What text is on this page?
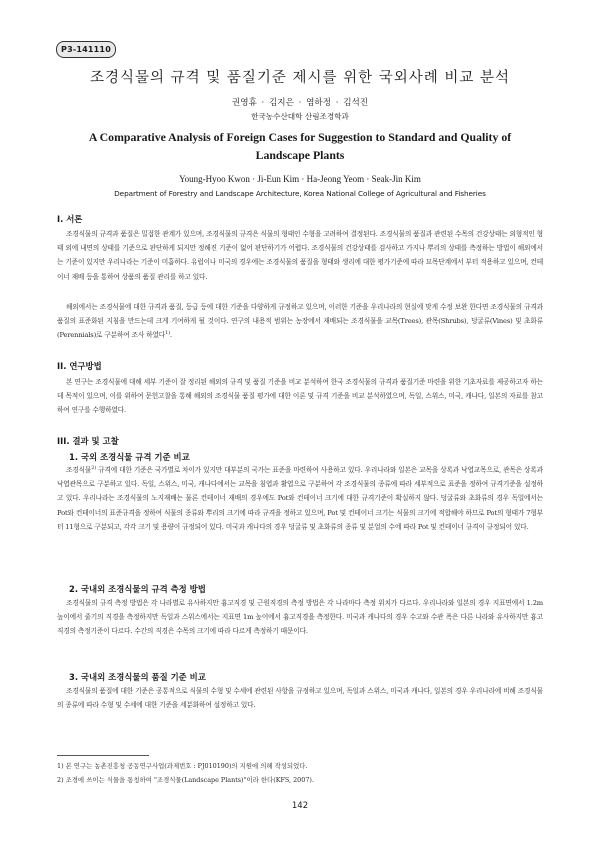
P3-141110
조경식물의 규격 및 품질기준 제시를 위한 국외사례 비교 분석
권영휴 · 김지은 · 염하정 · 김석진
한국농수산대학 산림조경학과
A Comparative Analysis of Foreign Cases for Suggestion to Standard and Quality of Landscape Plants
Young-Hyoo Kwon · Ji-Eun Kim · Ha-Jeong Yeom · Seak-Jin Kim
Department of Forestry and Landscape Architecture, Korea National College of Agricultural and Fisheries
I. 서론

조경식물의 규격과 품질은 밀접한 관계가 있으며, 조경식물의 규격은 식물의 형태인 수형을 고려하여 결정된다. 조경식물의 품질과 관련된 수목의 건강상태는 외형적인 형태 외에 내면의 상태를 기준으로 판단하게 되지만 정해진 기준이 없어 판단하기가 어렵다. 조경식물의 건강상태를 검사하고 가지나 뿌리의 상태를 측정하는 방법이 해외에서는 기준이 있지만 우리나라는 기준이 미흡하다. 유럽이나 미국의 경우에는 조경식물의 품질을 형태와 생리에 대한 평가기준에 따라 묘목단계에서 부터 적용하고 있으며, 컨테이너 재배 등을 통하여 상품의 품질 관리를 하고 있다.

해외에서는 조경식물에 대한 규격과 품질, 등급 등에 대한 기준을 다양하게 규정하고 있으며, 이러한 기준을 우리나라의 현실에 맞게 수정 보완 한다면 조경식물의 규격과 품질의 표준화된 지침을 만드는데 크게 기여하게 될 것이다. 연구의 내용적 범위는 농장에서 재배되는 조경식물을 교목(Trees), 관목(Shrubs), 덩굴류(Vines) 및 초화류(Perennials)로 구분하여 조사 하였다$^{1)}$.

II. 연구방법

본 연구는 조경식물에 대해 세부 기준이 잘 정리된 해외의 규격 및 품질 기준을 비교 분석하여 한국 조경식물의 규격과 품질기준 마련을 위한 기초자료를 제공하고자 하는데 목적이 있으며, 이를 위하여 문헌고찰을 통해 해외의 조경식물 품질 평가에 대한 이론 및 규격 기준을 비교 분석하였으며, 독일, 스위스, 미국, 캐나다, 일본의 자료를 참고하여 연구를 수행하였다.

III. 결과 및 고찰
1. 국외 조경식물 규격 기준 비교

조경식물$^{2)}$ 규격에 대한 기준은 국가별로 차이가 있지만 대부분의 국가는 표준을 마련하여 사용하고 있다. 우리나라와 일본은 교목을 상록과 낙엽교목으로, 관목은 상록과 낙엽관목으로 구분하고 있다. 독일, 스위스, 미국, 캐나다에서는 교목을 침엽과 활엽으로 구분하여 각 조경식물의 종류에 따라 세부적으로 표준을 정하여 규격기준을 설정하고 있다. 우리나라는 조경식물의 노지재배는 물론 컨테이너 재배의 경우에도 Pot와 컨테이너 크기에 대한 규격기준이 확실하지 않다. 덩굴류와 초화류의 경우 독일에서는 Pot와 컨테이너의 표준규격을 정하여 식물의 종류와 뿌리의 크기에 따라 규격을 정하고 있으며, Pot 및 컨테이너 크기는 식물의 크기에 적합해야 하므로 Pot의 형태가 7형부터 11형으로 구분되고, 각각 크기 및 용량이 규정되어 있다. 미국과 캐나다의 경우 덩굴류 및 초화류의 종류 및 분얼의 수에 따라 Pot 및 컨테이너 규격이 규정되어 있다.

2. 국내외 조경식물의 규격 측정 방법

조경식물의 규격 측정 방법은 각 나라별로 유사하지만 흉고직경 및 근원직경의 측정 방법은 각 나라마다 측정 위치가 다르다. 우리나라와 일본의 경우 지표면에서 1.2m 높이에서 줄기의 직경을 측정하지만 독일과 스위스에서는 지표면 1m 높이에서 흉고직경을 측정한다. 미국과 캐나다의 경우 수고와 수관 폭은 다른 나라와 유사하지만 흉고직경의 측정기준이 다르다. 수간의 직경은 수목의 크기에 따라 다르게 측정하기 때문이다.

3. 국내외 조경식물의 품질 기준 비교

조경식물의 품질에 대한 기준은 공통적으로 식물의 수형 및 수세에 관련된 사항을 규정하고 있으며, 독일과 스위스, 미국과 캐나다, 일본의 경우 우리나라에 비해 조경식물의 종류에 따라 수형 및 수세에 대한 기준을 세분화하여 설정하고 있다.

1) 본 연구는 농촌진흥청 공동연구사업(과제번호 : PJ010190)의 지원에 의해 작성되었다.
2) 조경에 쓰이는 식물을 통칭하여 "조경식물(Landscape Plants)"이라 한다(KFS, 2007).
142
